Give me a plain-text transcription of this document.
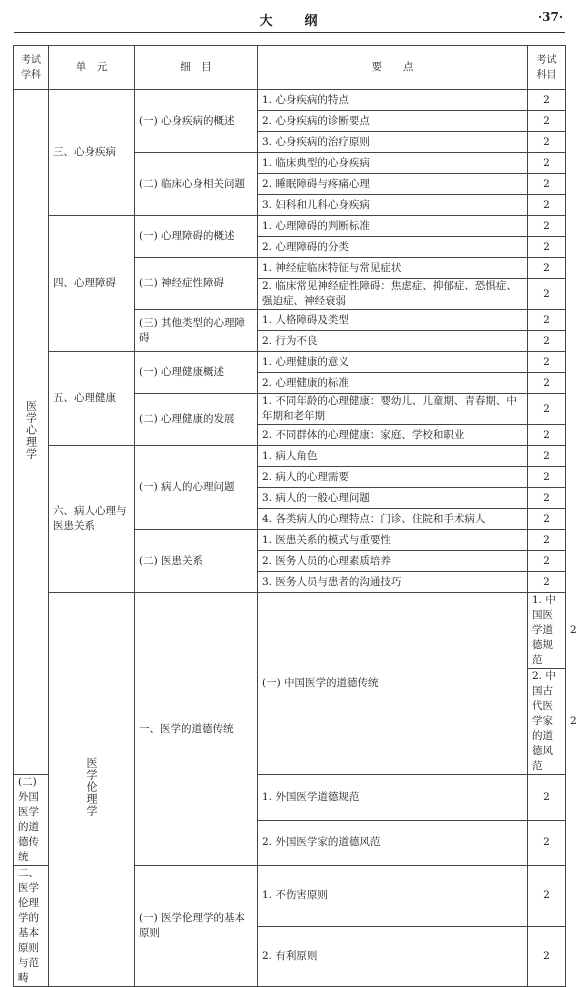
大 纲	·37·
考试学科	单　元	细　目	要　　点	考试科目	
医学心理学	三、心身疾病	(一) 心身疾病的概述	1. 心身疾病的特点	2	
			2. 心身疾病的诊断要点	2	
			3. 心身疾病的治疗原则	2	
		(二) 临床心身相关问题	1. 临床典型的心身疾病	2	
			2. 睡眠障碍与疼痛心理	2	
			3. 妇科和儿科心身疾病	2	
	四、心理障碍	(一) 心理障碍的概述	1. 心理障碍的判断标准	2	
			2. 心理障碍的分类	2	
		(二) 神经症性障碍	1. 神经症临床特征与常见症状	2	
			2. 临床常见神经症性障碍：焦虑症、抑郁症、恐惧症、强迫症、神经衰弱	2	
		(三) 其他类型的心理障碍	1. 人格障碍及类型	2	
			2. 行为不良	2	
	五、心理健康	(一) 心理健康概述	1. 心理健康的意义	2	
			2. 心理健康的标准	2	
		(二) 心理健康的发展	1. 不同年龄的心理健康：婴幼儿、儿童期、青春期、中年期和老年期	2	
			2. 不同群体的心理健康：家庭、学校和职业	2	
	六、病人心理与医患关系	(一) 病人的心理问题	1. 病人角色	2	
			2. 病人的心理需要	2	
			3. 病人的一般心理问题	2	
			4. 各类病人的心理特点：门诊、住院和手术病人	2	
		(二) 医患关系	1. 医患关系的模式与重要性	2	
			2. 医务人员的心理素质培养	2	
			3. 医务人员与患者的沟通技巧	2	
	医学伦理学	一、医学的道德传统	(一) 中国医学的道德传统	1. 中国医学道德规范	2
				2. 中国古代医学家的道德风范	2
(二) 外国医学的道德传统			1. 外国医学道德规范	2	
			2. 外国医学家的道德风范	2	
二、医学伦理学的基本原则与范畴		(一) 医学伦理学的基本原则	1. 不伤害原则	2	
			2. 有利原则	2	
